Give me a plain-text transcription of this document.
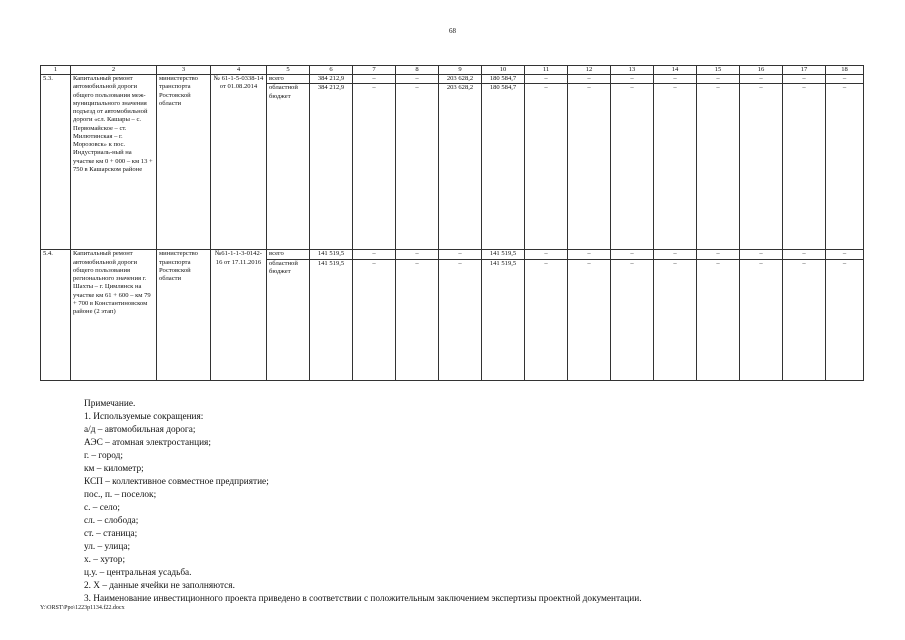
68
1	2	3	4	5	6	7	8	9	10	11	12	13	14	15	16	17	18
5.3.	Капитальный ремонт автомобильной дороги общего пользования меж-муниципального значения подъезд от автомобильной дороги «сл. Кашары – с. Первомайское – ст. Милютинская – г. Морозовск» к пос. Индустриаль-ный на участке км 0 + 000 – км 13 + 750 в Кашарском районе	министерство транспорта Ростовской области	№ 61-1-5-0338-14 от 01.08.2014	всего	384 212,9	–	–	203 628,2	180 584,7	–	–	–	–	–	–	–	–
				областной бюджет	384 212,9	–	–	203 628,2	180 584,7	–	–	–	–	–	–	–	–
5.4.	Капитальный ремонт автомобильной дороги общего пользования регионального значения г. Шахты – г. Цимлянск на участке км 61 + 600 – км 79 + 700 в Константиновском районе (2 этап)	министерство транспорта Ростовской области	№61-1-1-3-0142-16 от 17.11.2016	всего	141 519,5	–	–	–	141 519,5	–	–	–	–	–	–	–	–
				областной бюджет	141 519,5	–	–	–	141 519,5	–	–	–	–	–	–	–	–
Примечание.
1. Используемые сокращения:
а/д – автомобильная дорога;
АЭС – атомная электростанция;
г. – город;
км – километр;
КСП – коллективное совместное предприятие;
пос., п. – поселок;
с. – село;
сл. – слобода;
ст. – станица;
ул. – улица;
х. – хутор;
ц.у. – центральная усадьба.
2. Х – данные ячейки не заполняются.
3. Наименование инвестиционного проекта приведено в соответствии с положительным заключением экспертизы проектной документации.
Y:\ORST\Ppo\1223p1134.f22.docx
